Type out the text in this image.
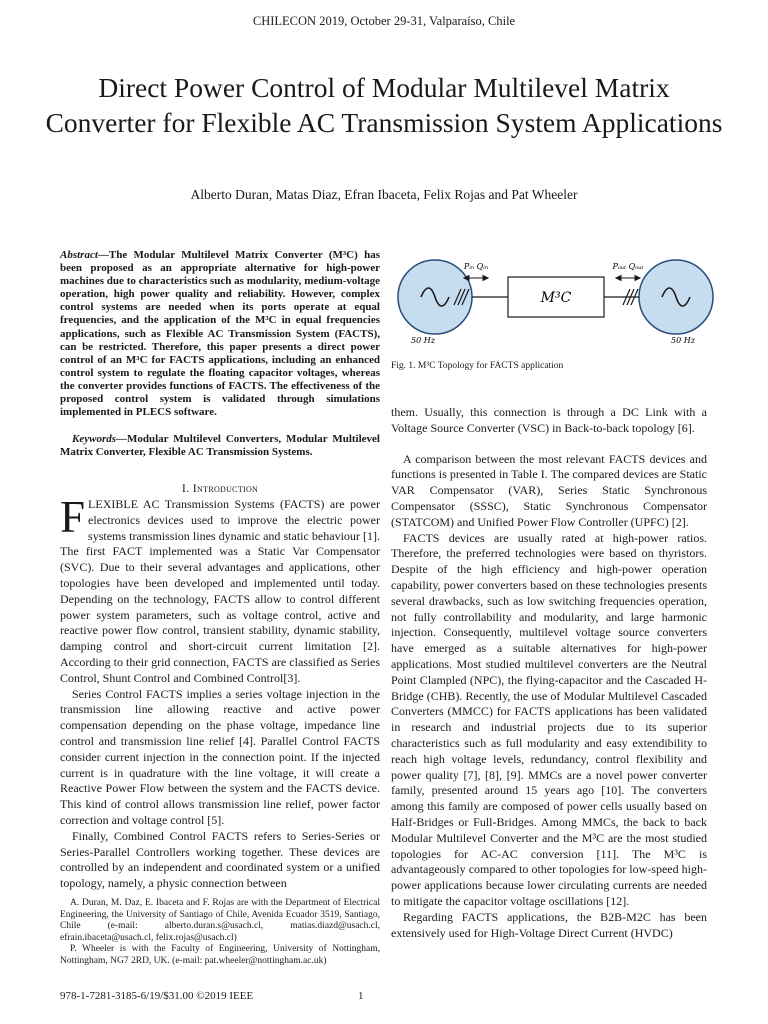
CHILECON 2019, October 29-31, Valparaíso, Chile
Direct Power Control of Modular Multilevel Matrix Converter for Flexible AC Transmission System Applications
Alberto Duran, Matas Diaz, Efran Ibaceta, Felix Rojas and Pat Wheeler
Abstract—The Modular Multilevel Matrix Converter (M³C) has been proposed as an appropriate alternative for high-power machines due to characteristics such as modularity, medium-voltage operation, high power quality and reliability. However, complex control systems are needed when its ports operate at equal frequencies, and the application of the M³C in equal frequencies applications, such as Flexible AC Transmission System (FACTS), can be restricted. Therefore, this paper presents a direct power control of an M³C for FACTS applications, including an enhanced control system to regulate the floating capacitor voltages, whereas the converter provides functions of FACTS. The effectiveness of the proposed control system is validated through simulations implemented in PLECS software.
Keywords—Modular Multilevel Converters, Modular Multilevel Matrix Converter, Flexible AC Transmission Systems.
I. Introduction

FLEXIBLE AC Transmission Systems (FACTS) are power electronics devices used to improve the electric power systems transmission lines dynamic and static behaviour [1]. The first FACT implemented was a Static Var Compensator (SVC). Due to their several advantages and applications, other topologies have been developed and implemented until today. Depending on the technology, FACTS allow to control different power system parameters, such as voltage control, active and reactive power flow control, transient stability, dynamic stability, damping control and short-circuit current limitation [2]. According to their grid connection, FACTS are classified as Series Control, Shunt Control and Combined Control[3].

Series Control FACTS implies a series voltage injection in the transmission line allowing reactive and active power compensation depending on the phase voltage, impedance line control and transmission line relief [4]. Parallel Control FACTS consider current injection in the connection point. If the injected current is in quadrature with the line voltage, it will create a Reactive Power Flow between the system and the FACTS device. This kind of control allows transmission line relief, power factor correction and voltage control [5].

Finally, Combined Control FACTS refers to Series-Series or Series-Parallel Controllers working together. These devices are controlled by an independent and coordinated system or a unified topology, namely, a physic connection between

A. Duran, M. Daz, E. Ibaceta and F. Rojas are with the Department of Electrical Engineering, the University of Santiago of Chile, Avenida Ecuador 3519, Santiago, Chile (e-mail: alberto.duran.s@usach.cl, matias.diazd@usach.cl, efrain.ibaceta@usach.cl, felix.rojas@usach.cl)

P. Wheeler is with the Faculty of Engineering, University of Nottingham, Nottingham, NG7 2RD, UK. (e-mail: pat.wheeler@nottingham.ac.uk)

978-1-7281-3185-6/19/$31.00 ©2019 IEEE	1
M³C
Pᵢₙ Qᵢₙ	Pₒᵤₜ Qₒᵤₜ
50 Hz	50 Hz
Fig. 1. M³C Topology for FACTS application

them. Usually, this connection is through a DC Link with a Voltage Source Converter (VSC) in Back-to-back topology [6].

A comparison between the most relevant FACTS devices and functions is presented in Table I. The compared devices are Static VAR Compensator (VAR), Series Static Synchronous Compensator (SSSC), Static Synchronous Compensator (STATCOM) and Unified Power Flow Controller (UPFC) [2].

FACTS devices are usually rated at high-power ratios. Therefore, the preferred technologies were based on thyristors. Despite of the high efficiency and high-power operation capability, power converters based on these technologies presents several drawbacks, such as low switching frequencies operation, not fully controllability and modularity, and large harmonic injection. Consequently, multilevel voltage source converters have emerged as a suitable alternatives for high-power applications. Most studied multilevel converters are the Neutral Point Clampled (NPC), the flying-capacitor and the Cascaded H-Bridge (CHB). Recently, the use of Modular Multilevel Cascaded Converters (MMCC) for FACTS applications has been validated in research and industrial projects due to its superior characteristics such as full modularity and easy extendibility to reach high voltage levels, redundancy, control flexibility and power quality [7], [8], [9]. MMCs are a novel power converter family, presented around 15 years ago [10]. The converters among this family are composed of power cells usually based on Half-Bridges or Full-Bridges. Among MMCs, the back to back Modular Multilevel Converter and the M³C are the most studied topologies for AC-AC conversion [11]. The M³C is advantageously compared to other topologies for low-speed high-power applications because lower circulating currents are needed to mitigate the capacitor voltage oscillations [12].

Regarding FACTS applications, the B2B-M2C has been extensively used for High-Voltage Direct Current (HVDC)
